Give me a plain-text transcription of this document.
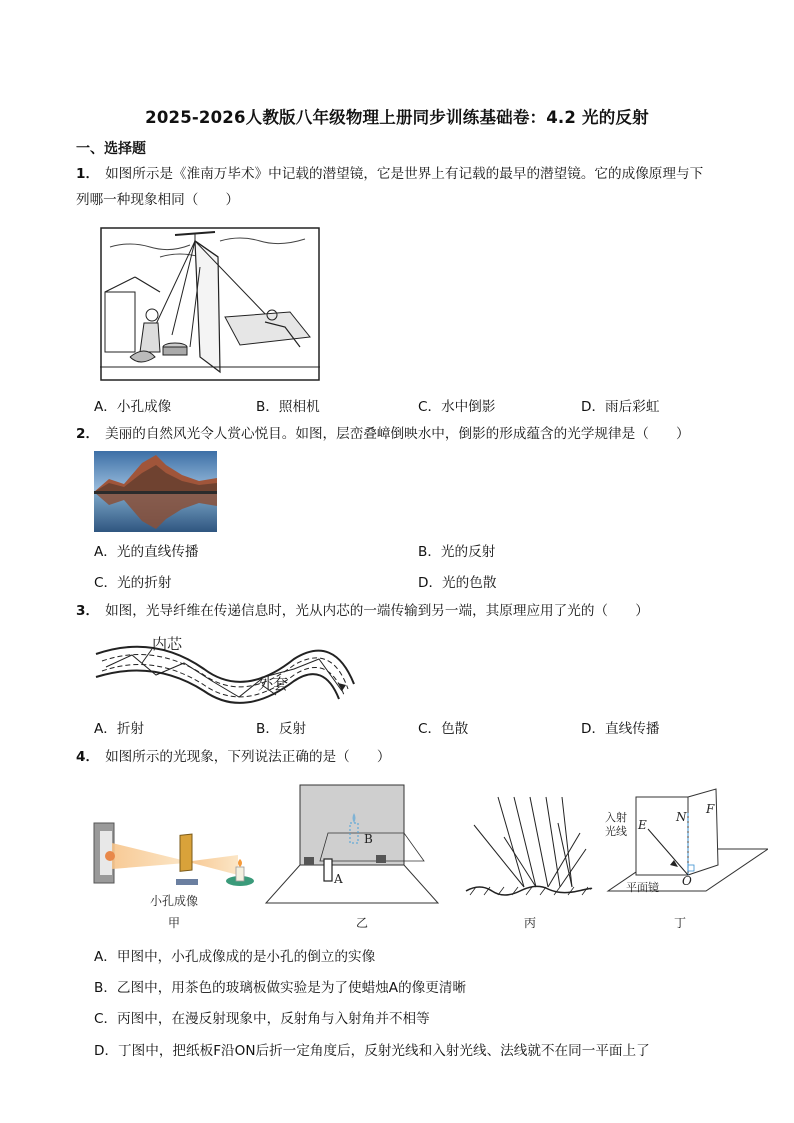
2025-2026人教版八年级物理上册同步训练基础卷：4.2 光的反射
一、选择题
1． 如图所示是《淮南万毕术》中记载的潜望镜，它是世界上有记载的最早的潜望镜。它的成像原理与下
列哪一种现象相同（　　）
A．小孔成像	B．照相机	C．水中倒影	D．雨后彩虹
2． 美丽的自然风光令人赏心悦目。如图，层峦叠嶂倒映水中，倒影的形成蕴含的光学规律是（　　）
A．光的直线传播	B．光的反射
C．光的折射	D．光的色散
3． 如图，光导纤维在传递信息时，光从内芯的一端传输到另一端，其原理应用了光的（　　）
内芯
外套
A．折射	B．反射	C．色散	D．直线传播
4． 如图所示的光现象，下列说法正确的是（　　）
小孔成像
甲
B
A
乙	丙
入射
光线 E
N
F
O
平面镜
丁
A．甲图中，小孔成像成的是小孔的倒立的实像
B．乙图中，用茶色的玻璃板做实验是为了使蜡烛A的像更清晰
C．丙图中，在漫反射现象中，反射角与入射角并不相等
D．丁图中，把纸板F沿ON后折一定角度后，反射光线和入射光线、法线就不在同一平面上了
